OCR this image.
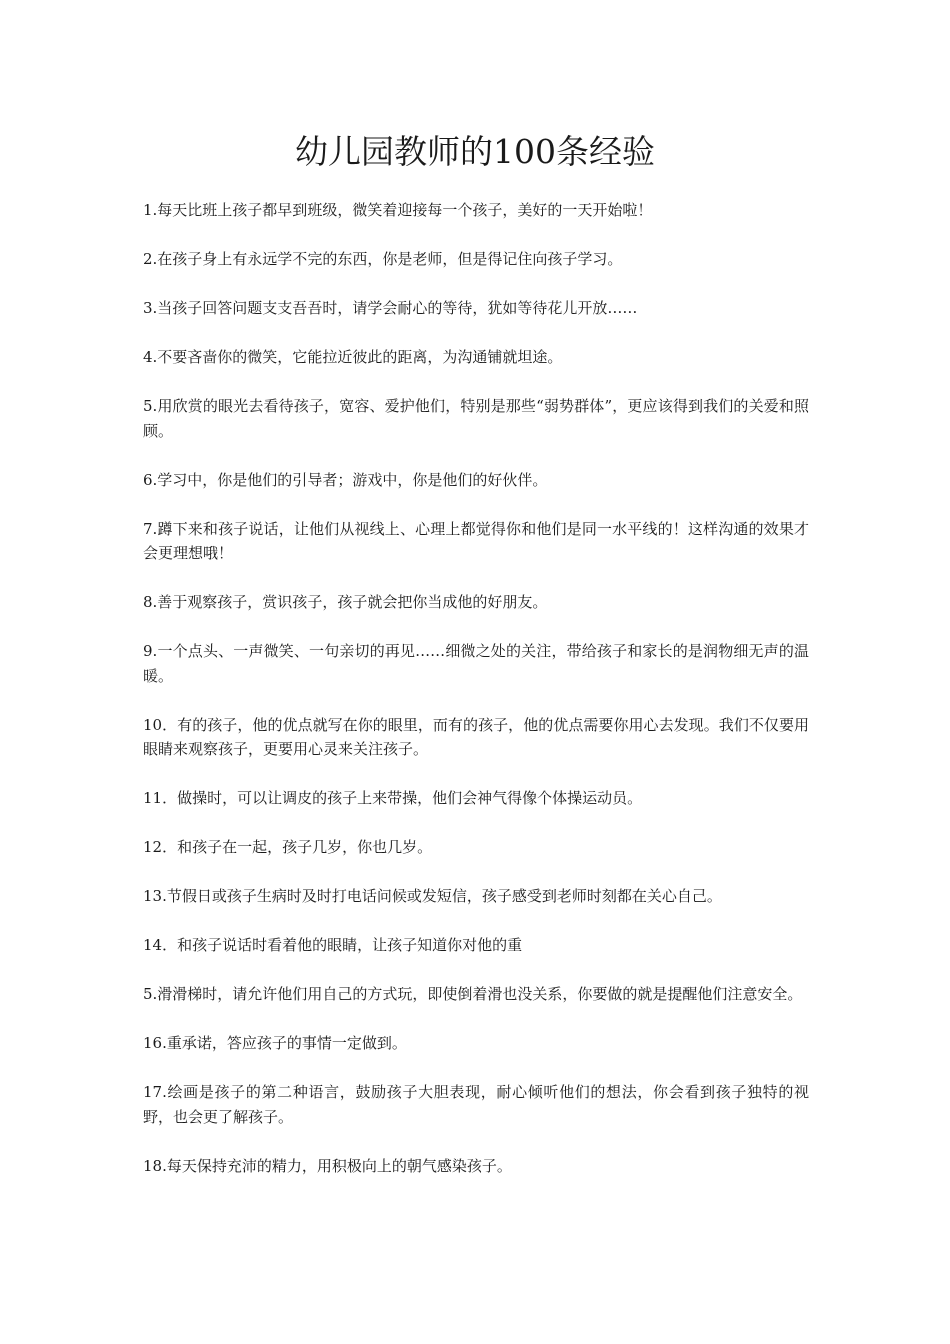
幼儿园教师的100条经验

1.每天比班上孩子都早到班级，微笑着迎接每一个孩子，美好的一天开始啦！

2.在孩子身上有永远学不完的东西，你是老师，但是得记住向孩子学习。

3.当孩子回答问题支支吾吾时，请学会耐心的等待，犹如等待花儿开放……

4.不要吝啬你的微笑，它能拉近彼此的距离，为沟通铺就坦途。

5.用欣赏的眼光去看待孩子，宽容、爱护他们，特别是那些“弱势群体”，更应该得到我们的关爱和照顾。

6.学习中，你是他们的引导者；游戏中，你是他们的好伙伴。

7.蹲下来和孩子说话，让他们从视线上、心理上都觉得你和他们是同一水平线的！这样沟通的效果才会更理想哦！

8.善于观察孩子，赏识孩子，孩子就会把你当成他的好朋友。

9.一个点头、一声微笑、一句亲切的再见……细微之处的关注，带给孩子和家长的是润物细无声的温暖。

10．有的孩子，他的优点就写在你的眼里，而有的孩子，他的优点需要你用心去发现。我们不仅要用眼睛来观察孩子，更要用心灵来关注孩子。

11．做操时，可以让调皮的孩子上来带操，他们会神气得像个体操运动员。

12．和孩子在一起，孩子几岁，你也几岁。

13.节假日或孩子生病时及时打电话问候或发短信，孩子感受到老师时刻都在关心自己。

14．和孩子说话时看着他的眼睛，让孩子知道你对他的重

5.滑滑梯时，请允许他们用自己的方式玩，即使倒着滑也没关系，你要做的就是提醒他们注意安全。

16.重承诺，答应孩子的事情一定做到。

17.绘画是孩子的第二种语言，鼓励孩子大胆表现，耐心倾听他们的想法，你会看到孩子独特的视野，也会更了解孩子。

18.每天保持充沛的精力，用积极向上的朝气感染孩子。
